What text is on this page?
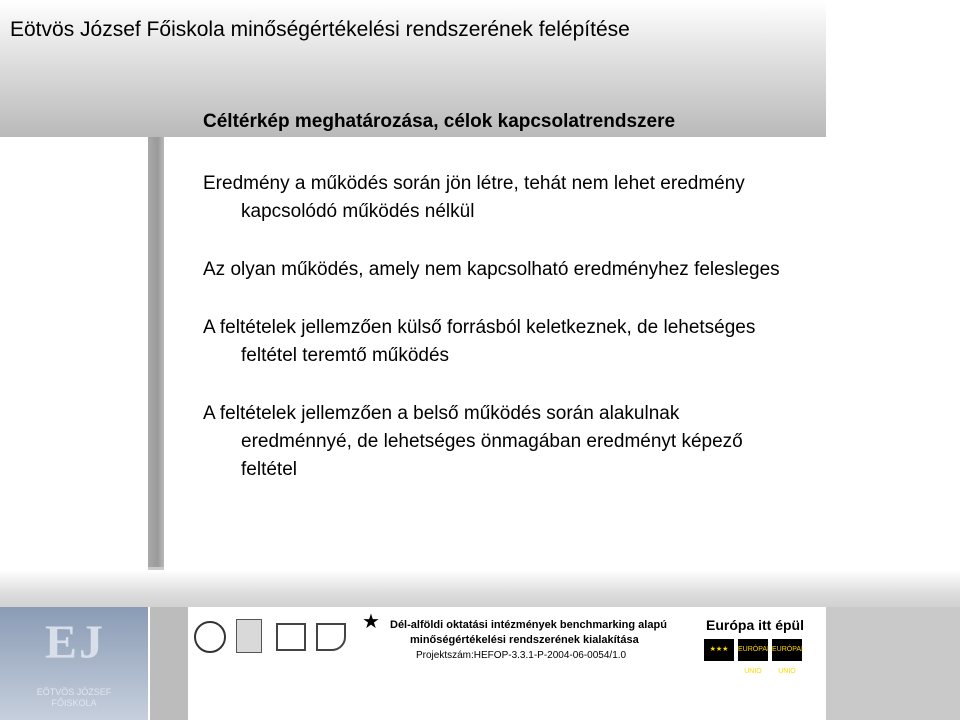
Eötvös József Főiskola minőségértékelési rendszerének felépítése
Céltérkép meghatározása, célok kapcsolatrendszere

Eredmény a működés során jön létre, tehát nem lehet eredmény
kapcsolódó működés nélkül

Az olyan működés, amely nem kapcsolható eredményhez felesleges

A feltételek jellemzően külső forrásból keletkeznek, de lehetséges
feltétel teremtő működés

A feltételek jellemzően a belső működés során alakulnak
eredménnyé, de lehetséges önmagában eredményt képező
feltétel

EJ
EÖTVÖS JÓZSEF FŐISKOLA
★ Dél-alföldi oktatási intézmények benchmarking alapú
minőségértékelési rendszerének kialakítása
Projektszám:HEFOP-3.3.1-P-2004-06-0054/1.0
Európa itt épül
★★★	EURÓPAI UNIÓ
EURÓPAI UNIÓ
